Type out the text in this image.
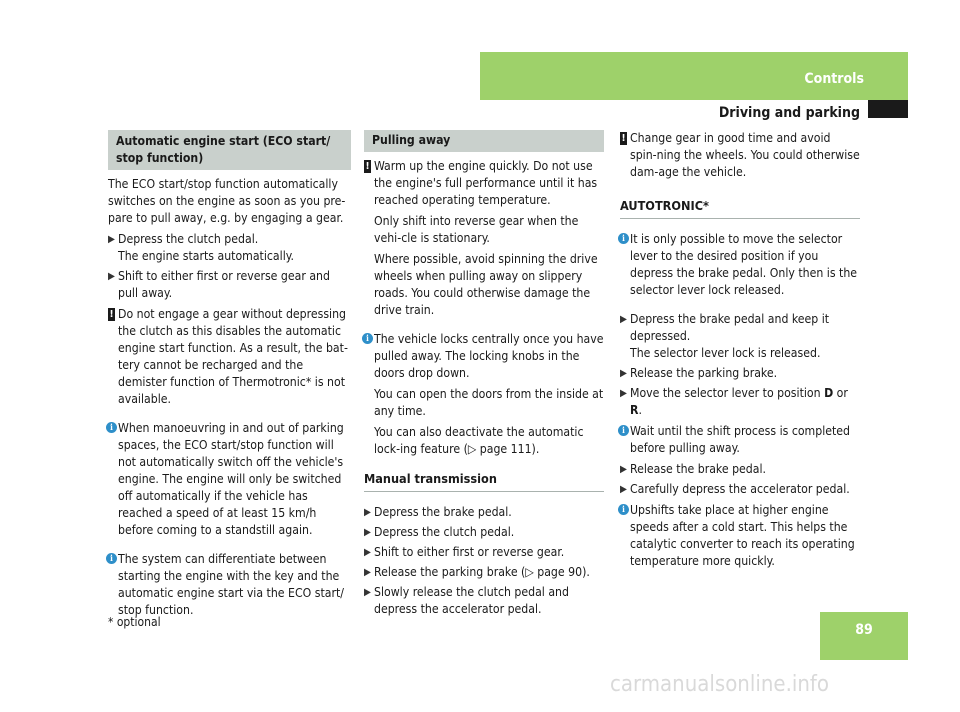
Controls
Driving and parking
Automatic engine start (ECO start/ stop function)

The ECO start/stop function automatically switches on the engine as soon as you pre-pare to pull away, e.g. by engaging a gear.

▶ Depress the clutch pedal.
The engine starts automatically.
▶ Shift to either first or reverse gear and pull away.
! Do not engage a gear without depressing the clutch as this disables the automatic engine start function. As a result, the bat-tery cannot be recharged and the demister function of Thermotronic* is not available.
i When manoeuvring in and out of parking spaces, the ECO start/stop function will not automatically switch off the vehicle's engine. The engine will only be switched off automatically if the vehicle has reached a speed of at least 15 km/h before coming to a standstill again.
i The system can differentiate between starting the engine with the key and the automatic engine start via the ECO start/ stop function.
Pulling away
! Warm up the engine quickly. Do not use the engine's full performance until it has reached operating temperature.

Only shift into reverse gear when the vehi-cle is stationary.

Where possible, avoid spinning the drive wheels when pulling away on slippery roads. You could otherwise damage the drive train.

i The vehicle locks centrally once you have pulled away. The locking knobs in the doors drop down.

You can open the doors from the inside at any time.

You can also deactivate the automatic lock-ing feature (▷ page 111).

Manual transmission
▶ Depress the brake pedal.
▶ Depress the clutch pedal.
▶ Shift to either first or reverse gear.
▶ Release the parking brake (▷ page 90).
▶ Slowly release the clutch pedal and depress the accelerator pedal.
! Change gear in good time and avoid spin-ning the wheels. You could otherwise dam-age the vehicle.
AUTOTRONIC*
i It is only possible to move the selector lever to the desired position if you depress the brake pedal. Only then is the selector lever lock released.
▶ Depress the brake pedal and keep it depressed.
The selector lever lock is released.
▶ Release the parking brake.
▶ Move the selector lever to position D or R.
i Wait until the shift process is completed before pulling away.
▶ Release the brake pedal.
▶ Carefully depress the accelerator pedal.
i Upshifts take place at higher engine speeds after a cold start. This helps the catalytic converter to reach its operating temperature more quickly.
* optional	89
carmanualsonline.info
